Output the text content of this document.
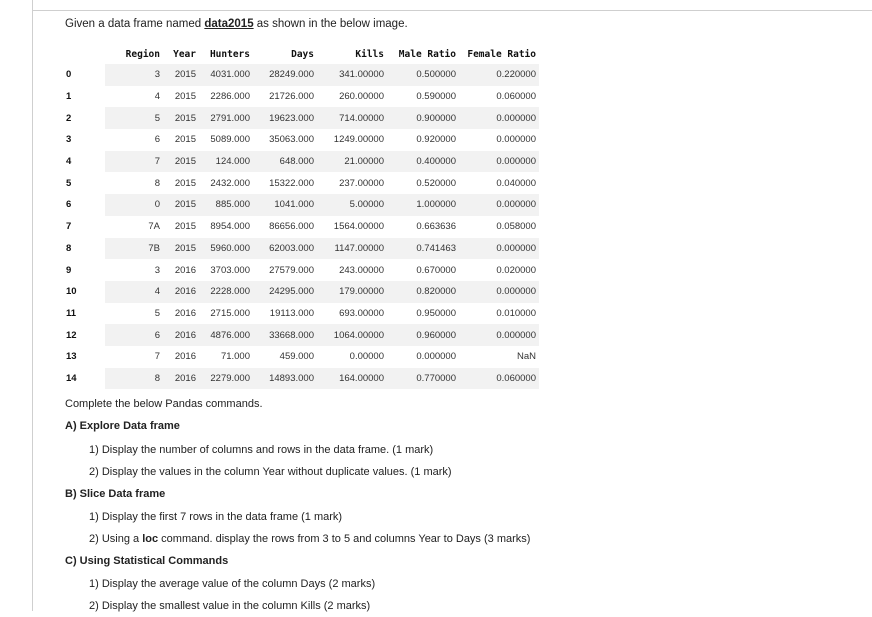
Given a data frame named data2015 as shown in the below image.
	Region	Year	Hunters	Days	Kills	Male Ratio	Female Ratio
0	3	2015	4031.000	28249.000	341.00000	0.500000	0.220000
1	4	2015	2286.000	21726.000	260.00000	0.590000	0.060000
2	5	2015	2791.000	19623.000	714.00000	0.900000	0.000000
3	6	2015	5089.000	35063.000	1249.00000	0.920000	0.000000
4	7	2015	124.000	648.000	21.00000	0.400000	0.000000
5	8	2015	2432.000	15322.000	237.00000	0.520000	0.040000
6	0	2015	885.000	1041.000	5.00000	1.000000	0.000000
7	7A	2015	8954.000	86656.000	1564.00000	0.663636	0.058000
8	7B	2015	5960.000	62003.000	1147.00000	0.741463	0.000000
9	3	2016	3703.000	27579.000	243.00000	0.670000	0.020000
10	4	2016	2228.000	24295.000	179.00000	0.820000	0.000000
11	5	2016	2715.000	19113.000	693.00000	0.950000	0.010000
12	6	2016	4876.000	33668.000	1064.00000	0.960000	0.000000
13	7	2016	71.000	459.000	0.00000	0.000000	NaN
14	8	2016	2279.000	14893.000	164.00000	0.770000	0.060000
Complete the below Pandas commands.
A) Explore Data frame
1) Display the number of columns and rows in the data frame. (1 mark)
2) Display the values in the column Year without duplicate values. (1 mark)
B) Slice Data frame
1) Display the first 7 rows in the data frame (1 mark)
2) Using a loc command. display the rows from 3 to 5 and columns Year to Days (3 marks)
C) Using Statistical Commands
1) Display the average value of the column Days (2 marks)
2) Display the smallest value in the column Kills (2 marks)
